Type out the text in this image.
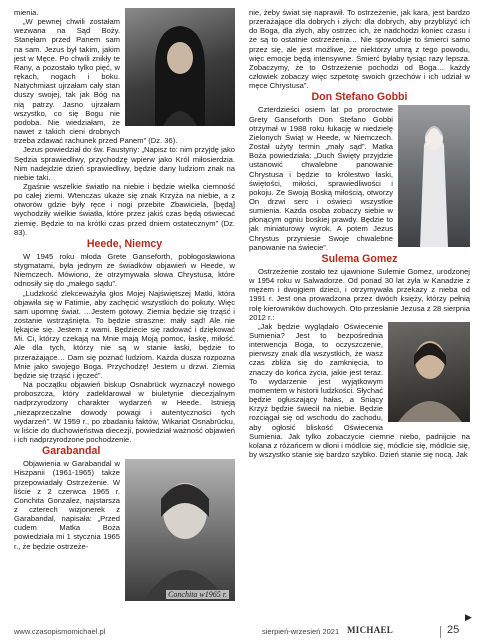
mienia.

„W pewnej chwili zostałam wezwana na Sąd Boży. Stanęłam przed Panem sam na sam. Jezus był takim, jakim jest w Męce. Po chwili znikły te Rany, a pozostało tylko pięć, w rękach, nogach i boku. Natychmiast ujrzałam cały stan duszy swojej, tak jak Bóg na nią patrzy. Jasno ujrzałam wszystko, co się Bogu nie podoba. Nie wiedziałam, że nawet z takich cieni drobnych trzeba zdawać rachunek przed Panem” (Dz. 36).

Jezus powiedział do św. Faustyny: „Napisz to: nim przyjdę jako Sędzia sprawiedliwy, przychodzę wpierw jako Król miłosierdzia. Nim nadejdzie dzień sprawiedliwy, będzie dany ludziom znak na niebie taki.

Zgaśnie wszelkie światło na niebie i będzie wielka ciemność po całej ziemi. Wtenczas ukaże się znak Krzyża na niebie, a z otworów gdzie były ręce i nogi przebite Zbawiciela, [będą] wychodziły wielkie światła, które przez jakiś czas będą oświecać ziemię. Będzie to na krótki czas przed dniem ostatecznym” (Dz. 83).

Heede, Niemcy

W 1945 roku młoda Grete Ganseforth, pobłogosławiona stygmatami, była jednym ze świadków objawień w Heede, w Niemczech. Mówiono, że otrzymywała słowa Chrystusa, które odnosiły się do „małego sądu”.

„Ludzkość zlekceważyła głos Mojej Najświętszej Matki, która objawiła się w Fatimie, aby zachęcić wszystkich do pokuty. Więc sam upomnę świat. …Jestem gotowy. Ziemia będzie się trząść i zostanie wstrząśnięta. To będzie straszne: mały sąd! Ale nie lękajcie się. Jestem z wami. Będziecie się radować i dziękować Mi. Ci, którzy czekają na Mnie mają Moją pomoc, łaskę, miłość. Ale dla tych, którzy nie są w stanie łaski, będzie to przerażające… Dam się poznać ludziom. Każda dusza rozpozna Mnie jako swojego Boga. Przychodzę! Jestem u drzwi. Ziemia będzie się trząść i jęczeć”.

Na początku objawień biskup Osnabrück wyznaczył nowego proboszcza, który zadeklarował w biuletynie diecezjalnym nadprzyrodzony charakter wydarzeń w Heede. Istnieją „niezaprzeczalne dowody powagi i autentyczności tych wydarzeń”. W 1959 r., po zbadaniu faktów, Wikariat Osnabrücku, w liście do duchowieństwa diecezji, powiedział ważność objawień i ich nadprzyrodzone pochodzenie.

Garabandal
Conchita w1965 r.

Objawienia w Garabandal w Hiszpanii (1961-1965) także przepowiadały Ostrzeżenie. W liście z 2 czerwca 1965 r. Conchita Gonzalez, najstarsza z czterech wizjonerek z Garabandal, napisała: „Przed cudem Matka Boża powiedziała mi 1 stycznia 1965 r., że będzie ostrzeże-

nie, żeby świat się naprawił. To ostrzeżenie, jak kara, jest bardzo przerażające dla dobrych i złych: dla dobrych, aby przybliżyć ich do Boga, dla złych, aby ostrzec ich, że nadchodzi koniec czasu i że są to ostatnie ostrzeżenia… Nie spowoduje to śmierci samo przez się, ale jest możliwe, że niektórzy umrą z tego powodu, więc emocje będą intensywne. Śmierć byłaby tysiąc razy lepsza. Zobaczymy, że to Ostrzeżenie pochodzi od Boga… każdy człowiek zobaczy więc szpetotę swoich grzechów i ich udział w męce Chrystusa”.

Don Stefano Gobbi

Czterdzieści osiem lat po proroctwie Grety Ganseforth Don Stefano Gobbi otrzymał w 1988 roku łukację w niedzielę Zielonych Świąt w Heede, w Niemczech. Został użyty termin „mały sąd”. Matka Boża powiedziała: „Duch Święty przyjdzie ustanowić chwalebne panowanie Chrystusa i będzie to królestwo łaski, świętości, miłości, sprawiedliwości i pokoju. Ze Swoją Boską miłością, otworzy On drzwi serc i oświeci wszystkie sumienia. Każda osoba zobaczy siebie w płonącym ogniu boskiej prawdy. Będzie to jak miniaturowy wyrok. A potem Jezus Chrystus przyniesie Swoje chwalebne panowanie na świecie”.

Sulema Gomez

Ostrzeżenie zostało też ujawnione Sulemie Gomez, urodzonej w 1954 roku w Salwadorze. Od ponad 30 lat żyła w Kanadzie z mężem i dwojgiem dzieci, i otrzymywała przekazy z nieba od 1991 r. Jest ona prowadzona przez dwóch księży, którzy pełnią rolę kierowników duchowych. Oto przesłanie Jezusa z 28 sierpnia 2012 r.:

„Jak będzie wyglądało Oświecenie Sumienia? Jest to bezpośrednia interwencja Boga, to oczyszczenie, pierwszy znak dla wszystkich, że wasz czas zbliża się do zamknięcia, to znaczy do końca życia, jakie jest teraz. To wydarzenie jest wyjątkowym momentem w historii ludzkości. Słychać będzie ogłuszający hałas, a Śniący Krzyż będzie świecił na niebie. Będzie rozciągał się od wschodu do zachodu, aby ogłosić bliskość Oświecenia Sumienia. Jak tylko zobaczycie ciemne niebo, padnijcie na kolana z różańcem w dłoni i módlcie się, módlcie się, módlcie się, by wszystko stanie się bardzo szybko. Dzień stanie się nocą. Jak

▶
www.czasopismomichael.pl	sierpień-wrzesień 2021 MICHAEL	25
